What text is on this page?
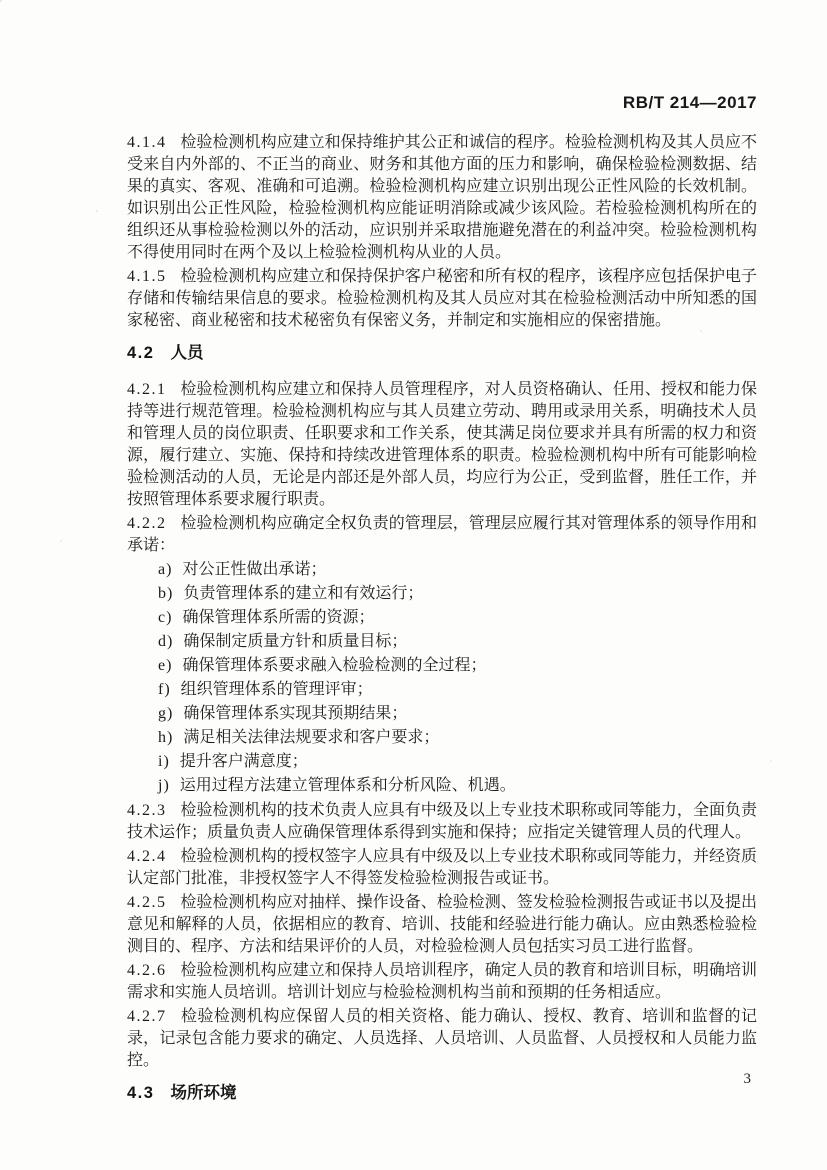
RB/T 214—2017

4.1.4 检验检测机构应建立和保持维护其公正和诚信的程序。检验检测机构及其人员应不受来自内外部的、不正当的商业、财务和其他方面的压力和影响，确保检验检测数据、结果的真实、客观、准确和可追溯。检验检测机构应建立识别出现公正性风险的长效机制。如识别出公正性风险，检验检测机构应能证明消除或减少该风险。若检验检测机构所在的组织还从事检验检测以外的活动，应识别并采取措施避免潜在的利益冲突。检验检测机构不得使用同时在两个及以上检验检测机构从业的人员。

4.1.5 检验检测机构应建立和保持保护客户秘密和所有权的程序，该程序应包括保护电子存储和传输结果信息的要求。检验检测机构及其人员应对其在检验检测活动中所知悉的国家秘密、商业秘密和技术秘密负有保密义务，并制定和实施相应的保密措施。

4.2 人员

4.2.1 检验检测机构应建立和保持人员管理程序，对人员资格确认、任用、授权和能力保持等进行规范管理。检验检测机构应与其人员建立劳动、聘用或录用关系，明确技术人员和管理人员的岗位职责、任职要求和工作关系，使其满足岗位要求并具有所需的权力和资源，履行建立、实施、保持和持续改进管理体系的职责。检验检测机构中所有可能影响检验检测活动的人员，无论是内部还是外部人员，均应行为公正，受到监督，胜任工作，并按照管理体系要求履行职责。

4.2.2 检验检测机构应确定全权负责的管理层，管理层应履行其对管理体系的领导作用和承诺：

a) 对公正性做出承诺；
b) 负责管理体系的建立和有效运行；
c) 确保管理体系所需的资源；
d) 确保制定质量方针和质量目标；
e) 确保管理体系要求融入检验检测的全过程；
f) 组织管理体系的管理评审；
g) 确保管理体系实现其预期结果；
h) 满足相关法律法规要求和客户要求；
i) 提升客户满意度；
j) 运用过程方法建立管理体系和分析风险、机遇。

4.2.3 检验检测机构的技术负责人应具有中级及以上专业技术职称或同等能力，全面负责技术运作；质量负责人应确保管理体系得到实施和保持；应指定关键管理人员的代理人。

4.2.4 检验检测机构的授权签字人应具有中级及以上专业技术职称或同等能力，并经资质认定部门批准，非授权签字人不得签发检验检测报告或证书。

4.2.5 检验检测机构应对抽样、操作设备、检验检测、签发检验检测报告或证书以及提出意见和解释的人员，依据相应的教育、培训、技能和经验进行能力确认。应由熟悉检验检测目的、程序、方法和结果评价的人员，对检验检测人员包括实习员工进行监督。

4.2.6 检验检测机构应建立和保持人员培训程序，确定人员的教育和培训目标，明确培训需求和实施人员培训。培训计划应与检验检测机构当前和预期的任务相适应。

4.2.7 检验检测机构应保留人员的相关资格、能力确认、授权、教育、培训和监督的记录，记录包含能力要求的确定、人员选择、人员培训、人员监督、人员授权和人员能力监控。

4.3 场所环境
3
